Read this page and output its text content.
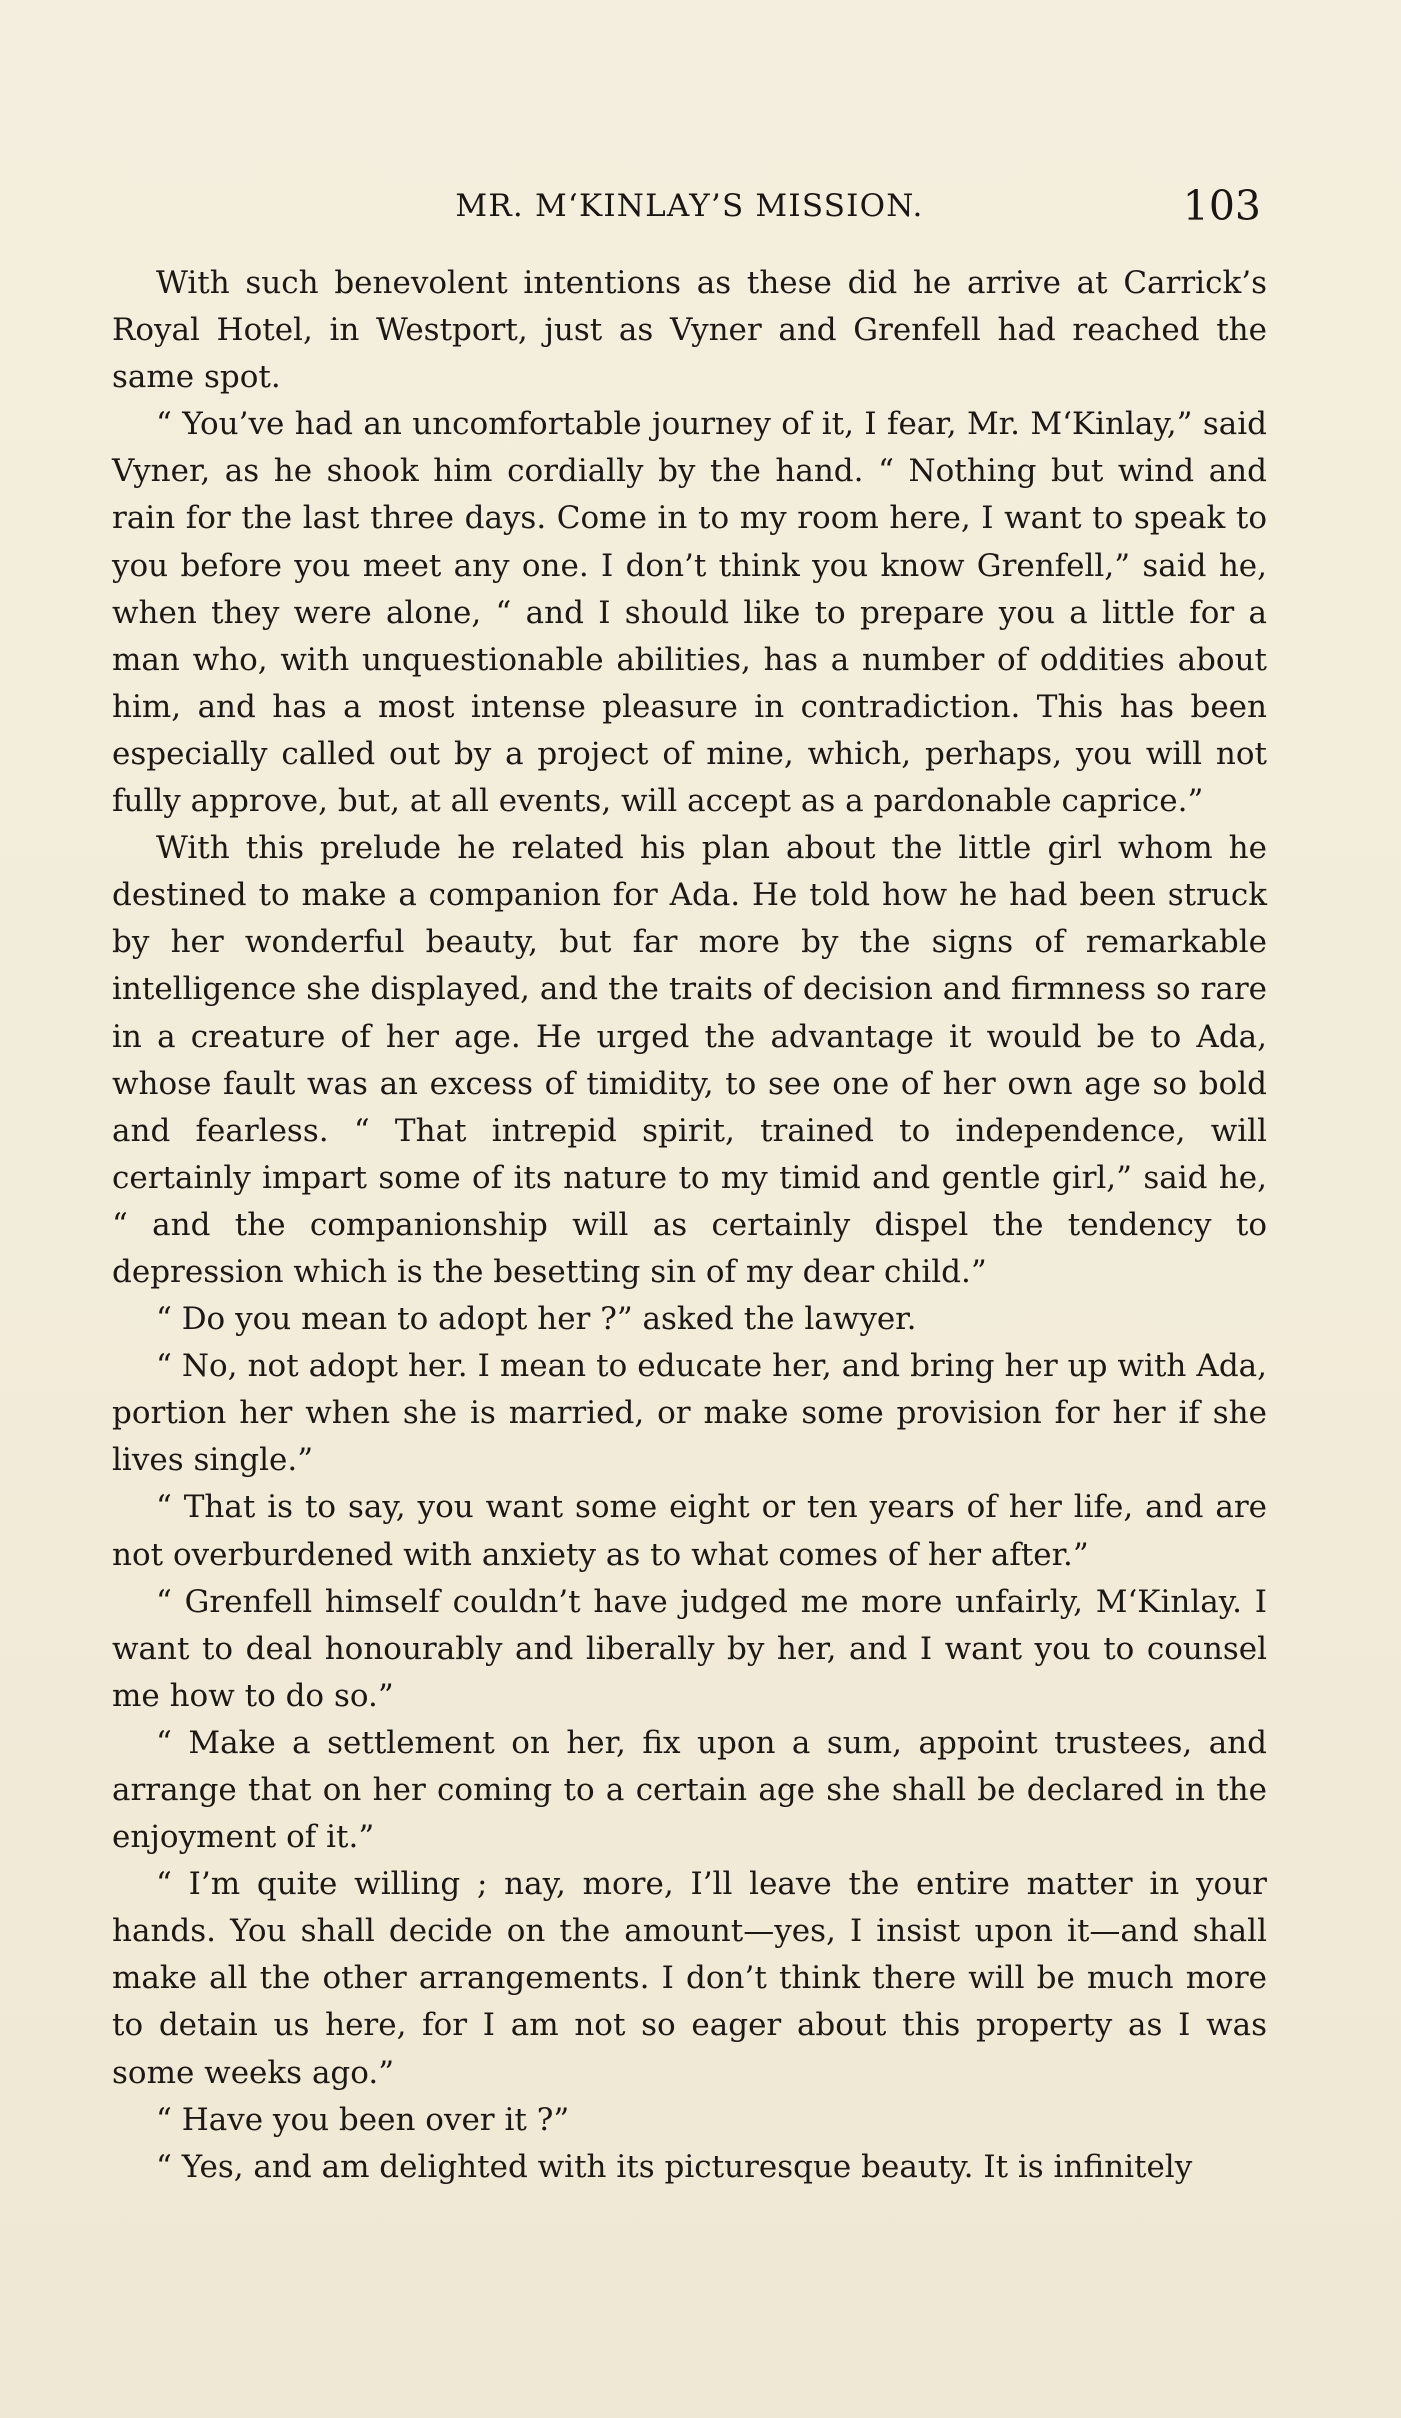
MR. M‘KINLAY’S MISSION.	103

With such benevolent intentions as these did he arrive at Carrick’s Royal Hotel, in Westport, just as Vyner and Grenfell had reached the same spot.

“ You’ve had an uncomfortable journey of it, I fear, Mr. M‘Kinlay,” said Vyner, as he shook him cordially by the hand. “ Nothing but wind and rain for the last three days. Come in to my room here, I want to speak to you before you meet any one. I don’t think you know Grenfell,” said he, when they were alone, “ and I should like to prepare you a little for a man who, with unquestionable abilities, has a number of oddities about him, and has a most intense pleasure in contradiction. This has been especially called out by a project of mine, which, perhaps, you will not fully approve, but, at all events, will accept as a pardonable caprice.”

With this prelude he related his plan about the little girl whom he destined to make a companion for Ada. He told how he had been struck by her wonderful beauty, but far more by the signs of remarkable intelligence she displayed, and the traits of decision and firmness so rare in a creature of her age. He urged the advantage it would be to Ada, whose fault was an excess of timidity, to see one of her own age so bold and fearless. “ That intrepid spirit, trained to independence, will certainly impart some of its nature to my timid and gentle girl,” said he, “ and the companionship will as certainly dispel the tendency to depression which is the besetting sin of my dear child.”

“ Do you mean to adopt her ?” asked the lawyer.

“ No, not adopt her. I mean to educate her, and bring her up with Ada, portion her when she is married, or make some provision for her if she lives single.”

“ That is to say, you want some eight or ten years of her life, and are not overburdened with anxiety as to what comes of her after.”

“ Grenfell himself couldn’t have judged me more unfairly, M‘Kinlay. I want to deal honourably and liberally by her, and I want you to counsel me how to do so.”

“ Make a settlement on her, fix upon a sum, appoint trustees, and arrange that on her coming to a certain age she shall be declared in the enjoyment of it.”

“ I’m quite willing ; nay, more, I’ll leave the entire matter in your hands. You shall decide on the amount—yes, I insist upon it—and shall make all the other arrangements. I don’t think there will be much more to detain us here, for I am not so eager about this property as I was some weeks ago.”

“ Have you been over it ?”

“ Yes, and am delighted with its picturesque beauty. It is infinitely
